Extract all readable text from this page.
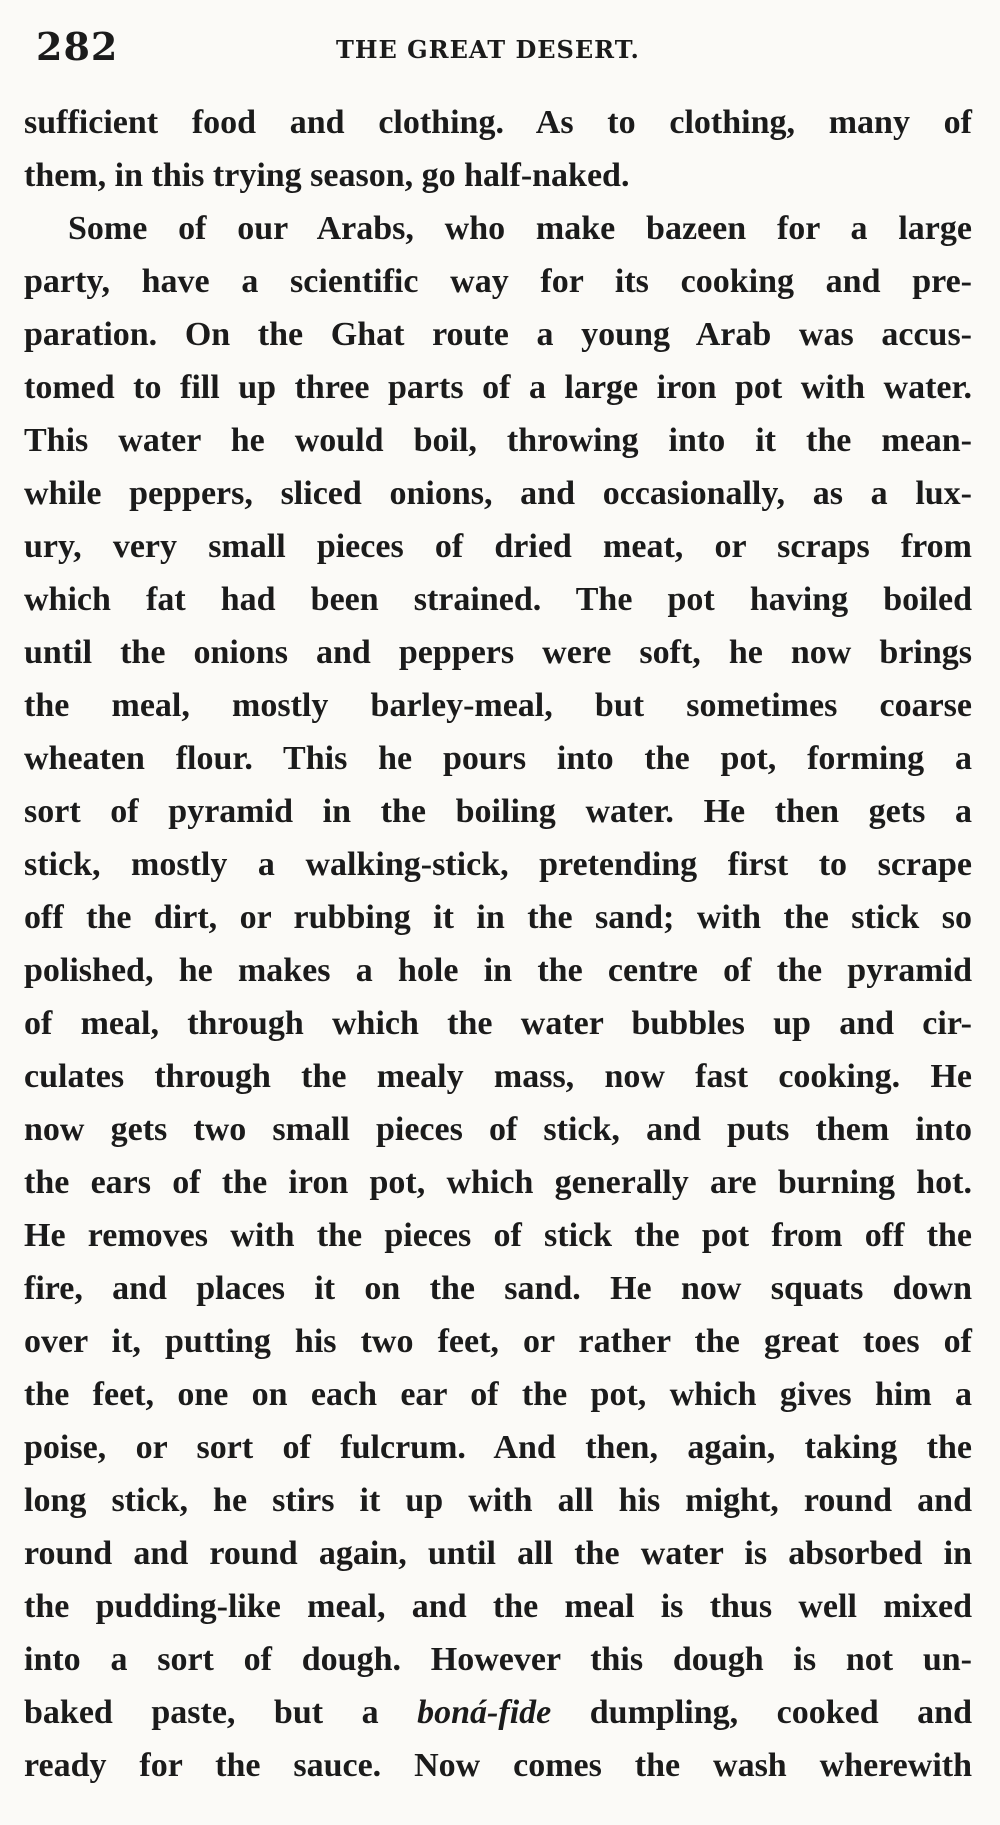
282	THE GREAT DESERT.
sufficient food and clothing. As to clothing, many of
them, in this trying season, go half-naked.
Some of our Arabs, who make bazeen for a large
party, have a scientific way for its cooking and pre-
paration. On the Ghat route a young Arab was accus-
tomed to fill up three parts of a large iron pot with water.
This water he would boil, throwing into it the mean-
while peppers, sliced onions, and occasionally, as a lux-
ury, very small pieces of dried meat, or scraps from
which fat had been strained. The pot having boiled
until the onions and peppers were soft, he now brings
the meal, mostly barley-meal, but sometimes coarse
wheaten flour. This he pours into the pot, forming a
sort of pyramid in the boiling water. He then gets a
stick, mostly a walking-stick, pretending first to scrape
off the dirt, or rubbing it in the sand; with the stick so
polished, he makes a hole in the centre of the pyramid
of meal, through which the water bubbles up and cir-
culates through the mealy mass, now fast cooking. He
now gets two small pieces of stick, and puts them into
the ears of the iron pot, which generally are burning hot.
He removes with the pieces of stick the pot from off the
fire, and places it on the sand. He now squats down
over it, putting his two feet, or rather the great toes of
the feet, one on each ear of the pot, which gives him a
poise, or sort of fulcrum. And then, again, taking the
long stick, he stirs it up with all his might, round and
round and round again, until all the water is absorbed in
the pudding-like meal, and the meal is thus well mixed
into a sort of dough. However this dough is not un-
baked paste, but a boná-fide dumpling, cooked and
ready for the sauce. Now comes the wash wherewith
